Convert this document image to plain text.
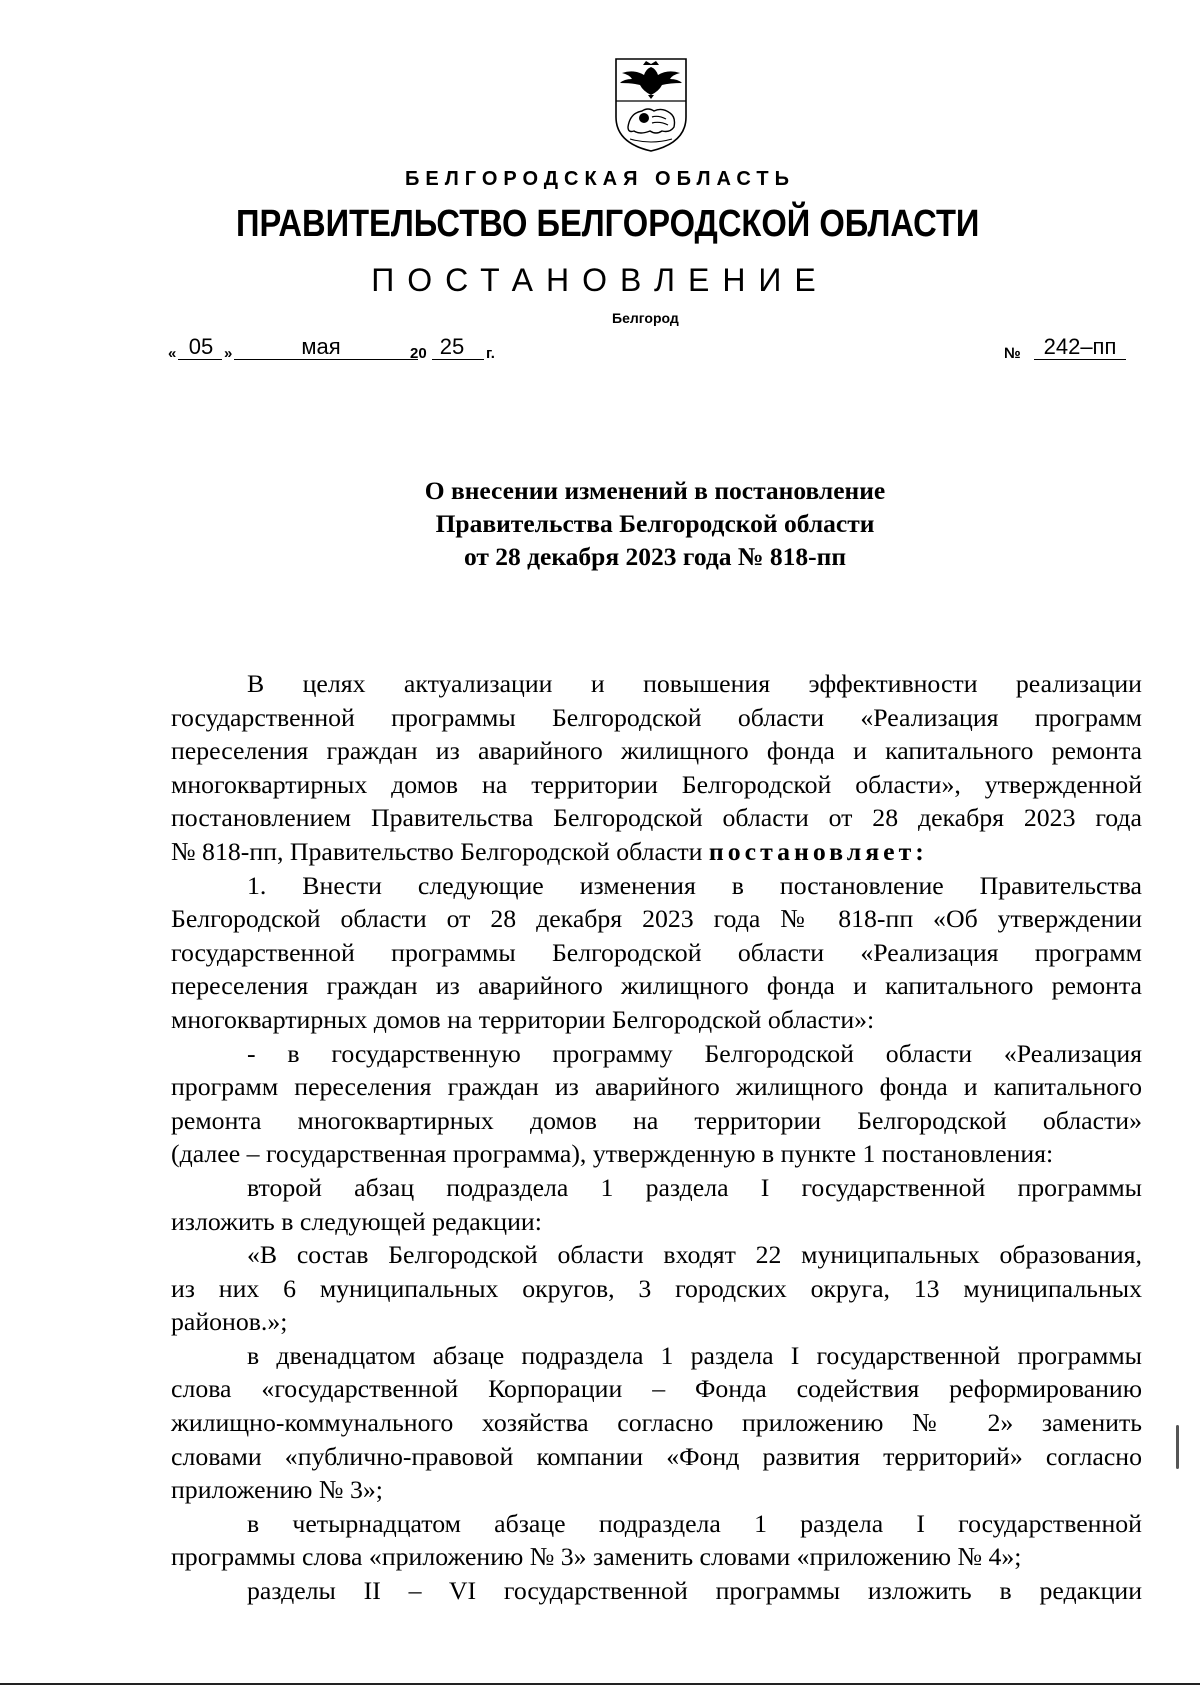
БЕЛГОРОДСКАЯ ОБЛАСТЬ
ПРАВИТЕЛЬСТВО БЕЛГОРОДСКОЙ ОБЛАСТИ
ПОСТАНОВЛЕНИЕ
Белгород
« 05 »	мая	20 25	г.	№	242–пп
О внесении изменений в постановление
Правительства Белгородской области
от 28 декабря 2023 года № 818-пп

В целях актуализации и повышения эффективности реализации

государственной программы Белгородской области «Реализация программ

переселения граждан из аварийного жилищного фонда и капитального ремонта

многоквартирных домов на территории Белгородской области», утвержденной

постановлением Правительства Белгородской области от 28 декабря 2023 года

№ 818-пп, Правительство Белгородской области постановляет:

1. Внести следующие изменения в постановление Правительства

Белгородской области от 28 декабря 2023 года № 818-пп «Об утверждении

государственной программы Белгородской области «Реализация программ

переселения граждан из аварийного жилищного фонда и капитального ремонта

многоквартирных домов на территории Белгородской области»:

- в государственную программу Белгородской области «Реализация

программ переселения граждан из аварийного жилищного фонда и капитального

ремонта многоквартирных домов на территории Белгородской области»

(далее – государственная программа), утвержденную в пункте 1 постановления:

второй абзац подраздела 1 раздела I государственной программы

изложить в следующей редакции:

«В состав Белгородской области входят 22 муниципальных образования,

из них 6 муниципальных округов, 3 городских округа, 13 муниципальных

районов.»;

в двенадцатом абзаце подраздела 1 раздела I государственной программы

слова «государственной Корпорации – Фонда содействия реформированию

жилищно-коммунального хозяйства согласно приложению № 2» заменить

словами «публично-правовой компании «Фонд развития территорий» согласно

приложению № 3»;

в четырнадцатом абзаце подраздела 1 раздела I государственной

программы слова «приложению № 3» заменить словами «приложению № 4»;

разделы II – VI государственной программы изложить в редакции
